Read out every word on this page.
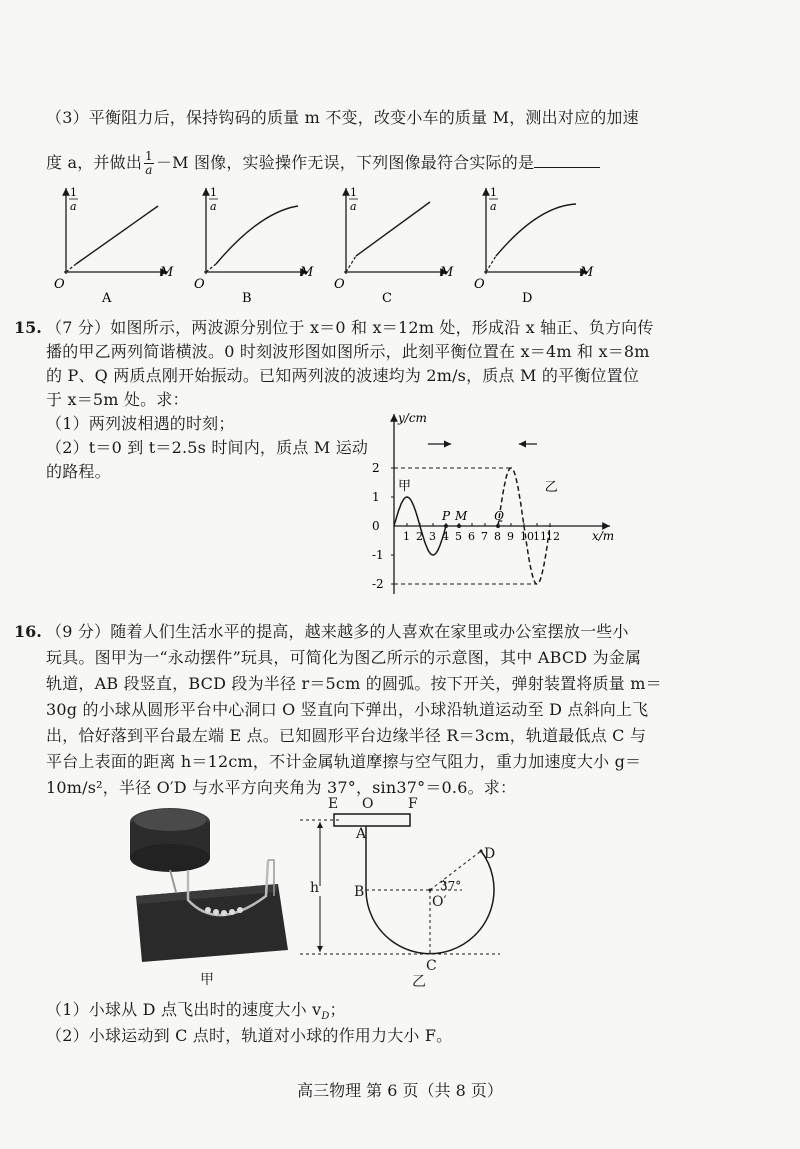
（3）平衡阻力后，保持钩码的质量 m 不变，改变小车的质量 M，测出对应的加速
度 a，并做出 $\frac{1}{a} -M$ 图像，实验操作无误，下列图像最符合实际的是
1
a
M
O
A
1
a
M
O
B
1
a
M
O
C
1
a
M
O
D
15. （7 分）如图所示，两波源分别位于 x＝0 和 x＝12m 处，形成沿 x 轴正、负方向传
播的甲乙两列简谐横波。0 时刻波形图如图所示，此刻平衡位置在 x＝4m 和 x＝8m
的 P、Q 两质点刚开始振动。已知两列波的波速均为 2m/s，质点 M 的平衡位置位
于 x＝5m 处。求：
（1）两列波相遇的时刻；
（2）t＝0 到 t＝2.5s 时间内，质点 M 运动
的路程。
y/cm
x/m
2
1
0
-1
-2
1 2 3 4 5 6 7 8 9 10 11 12
甲	乙
P M Q
16. （9 分）随着人们生活水平的提高，越来越多的人喜欢在家里或办公室摆放一些小
玩具。图甲为一“永动摆件”玩具，可简化为图乙所示的示意图，其中 ABCD 为金属
轨道，AB 段竖直，BCD 段为半径 r＝5cm 的圆弧。按下开关，弹射装置将质量 m＝
30g 的小球从圆形平台中心洞口 O 竖直向下弹出，小球沿轨道运动至 D 点斜向上飞
出，恰好落到平台最左端 E 点。已知圆形平台边缘半径 R＝3cm，轨道最低点 C 与
平台上表面的距离 h＝12cm，不计金属轨道摩擦与空气阻力，重力加速度大小 g＝
10m/s²，半径 O′D 与水平方向夹角为 37°，sin37°＝0.6。求：
甲
E O F
A
B
C
D
O′
37°
h
乙
（1）小球从 D 点飞出时的速度大小 $v_D$；
（2）小球运动到 C 点时，轨道对小球的作用力大小 F。
高三物理 第 6 页（共 8 页）
